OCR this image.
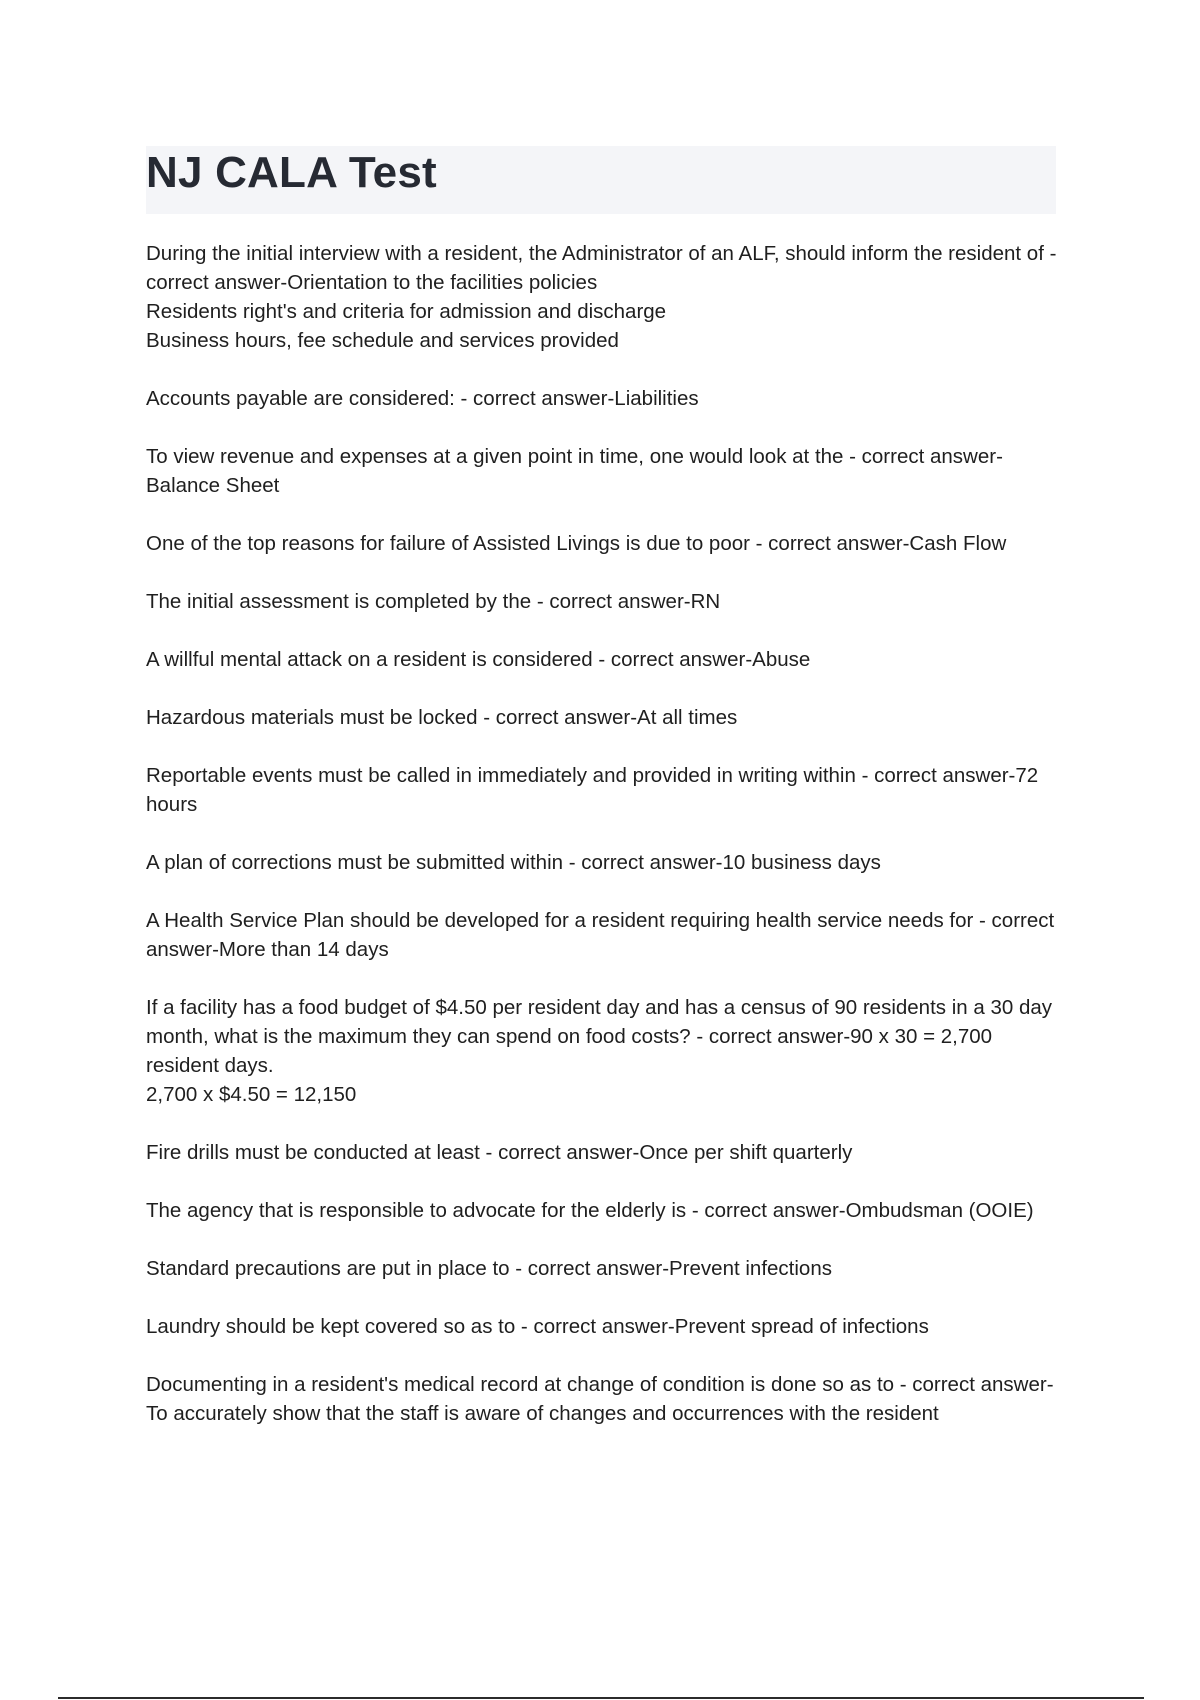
NJ CALA Test
During the initial interview with a resident, the Administrator of an ALF, should inform the resident of - correct answer-Orientation to the facilities policies
Residents right's and criteria for admission and discharge
Business hours, fee schedule and services provided
Accounts payable are considered: - correct answer-Liabilities
To view revenue and expenses at a given point in time, one would look at the - correct answer-Balance Sheet
One of the top reasons for failure of Assisted Livings is due to poor - correct answer-Cash Flow
The initial assessment is completed by the - correct answer-RN
A willful mental attack on a resident is considered - correct answer-Abuse
Hazardous materials must be locked - correct answer-At all times
Reportable events must be called in immediately and provided in writing within - correct answer-72 hours
A plan of corrections must be submitted within - correct answer-10 business days
A Health Service Plan should be developed for a resident requiring health service needs for - correct answer-More than 14 days
If a facility has a food budget of $4.50 per resident day and has a census of 90 residents in a 30 day month, what is the maximum they can spend on food costs? - correct answer-90 x 30 = 2,700 resident days.
2,700 x $4.50 = 12,150
Fire drills must be conducted at least - correct answer-Once per shift quarterly
The agency that is responsible to advocate for the elderly is - correct answer-Ombudsman (OOIE)
Standard precautions are put in place to - correct answer-Prevent infections
Laundry should be kept covered so as to - correct answer-Prevent spread of infections
Documenting in a resident's medical record at change of condition is done so as to - correct answer-To accurately show that the staff is aware of changes and occurrences with the resident
